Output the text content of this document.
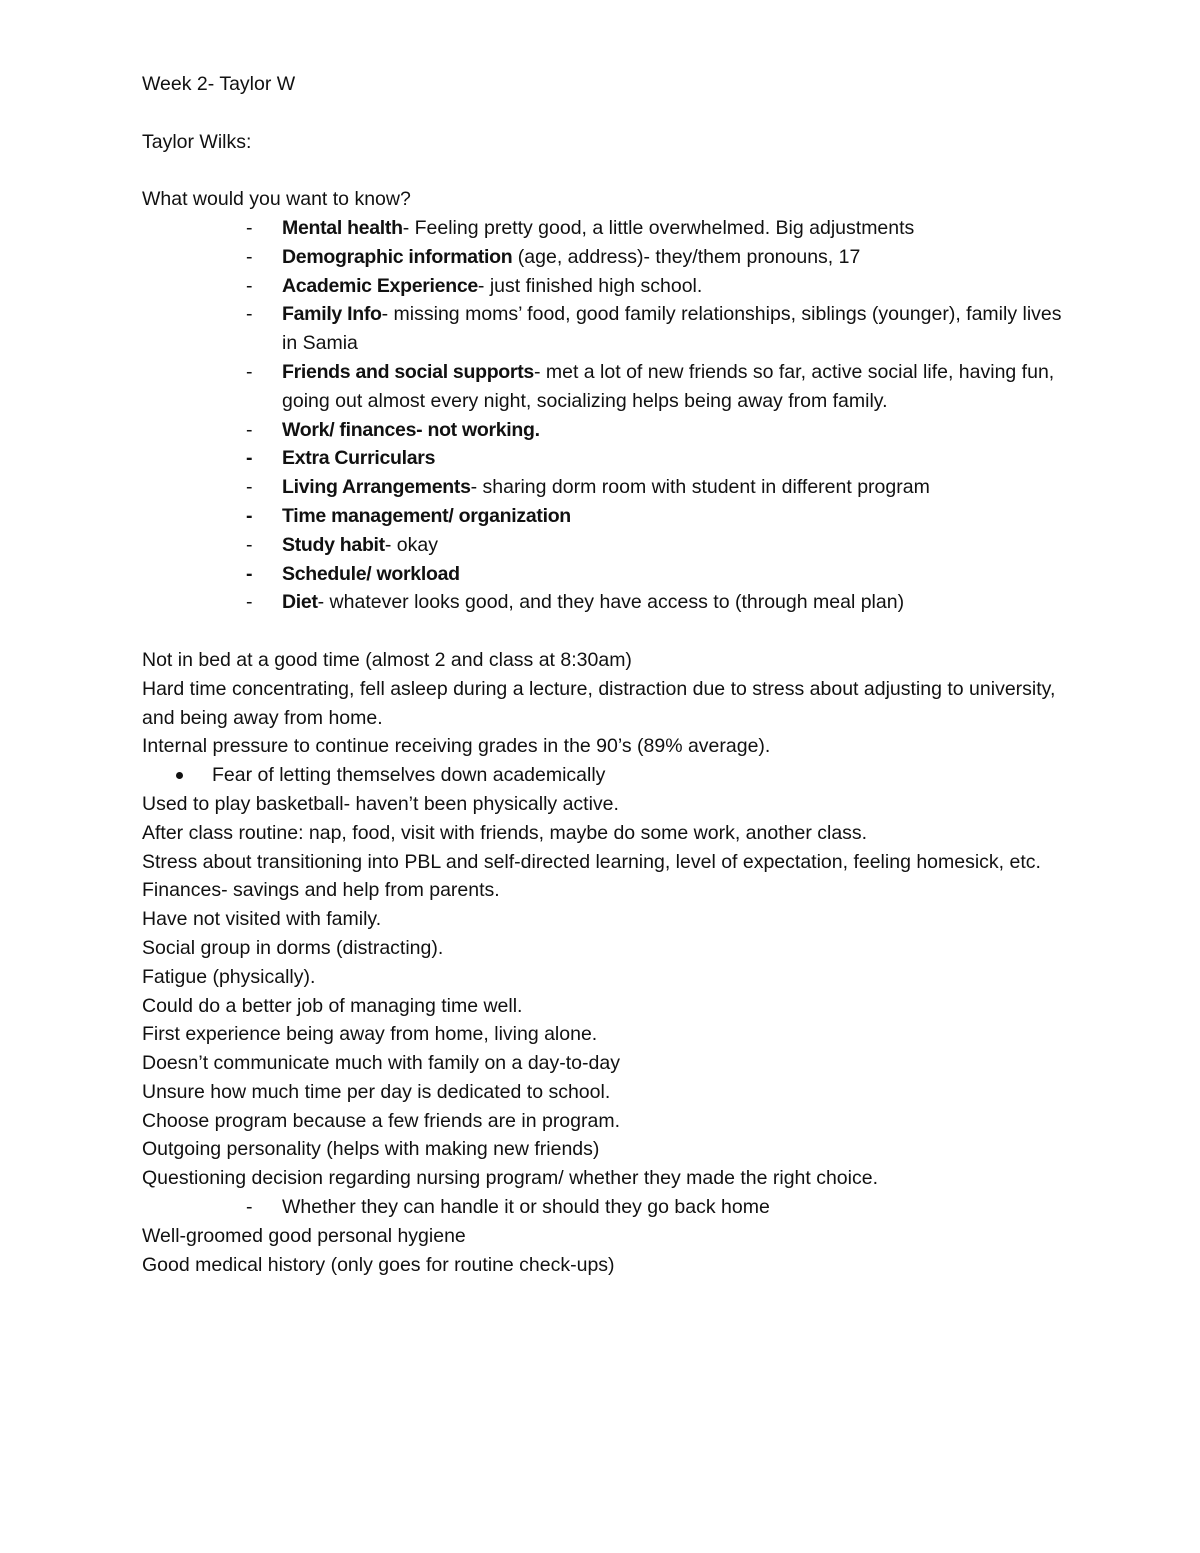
Week 2- Taylor W

Taylor Wilks:

What would you want to know?

-	Mental health- Feeling pretty good, a little overwhelmed. Big adjustments
-	Demographic information (age, address)- they/them pronouns, 17
-	Academic Experience- just finished high school.
-	Family Info- missing moms’ food, good family relationships, siblings (younger), family lives in Samia
-	Friends and social supports- met a lot of new friends so far, active social life, having fun, going out almost every night, socializing helps being away from family.
-	Work/ finances- not working.
-	Extra Curriculars
-	Living Arrangements- sharing dorm room with student in different program
-	Time management/ organization
-	Study habit- okay
-	Schedule/ workload
-	Diet- whatever looks good, and they have access to (through meal plan)

Not in bed at a good time (almost 2 and class at 8:30am)

Hard time concentrating, fell asleep during a lecture, distraction due to stress about adjusting to university, and being away from home.

Internal pressure to continue receiving grades in the 90’s (89% average).

Fear of letting themselves down academically

Used to play basketball- haven’t been physically active.

After class routine: nap, food, visit with friends, maybe do some work, another class.

Stress about transitioning into PBL and self-directed learning, level of expectation, feeling homesick, etc.

Finances- savings and help from parents.

Have not visited with family.

Social group in dorms (distracting).

Fatigue (physically).

Could do a better job of managing time well.

First experience being away from home, living alone.

Doesn’t communicate much with family on a day-to-day

Unsure how much time per day is dedicated to school.

Choose program because a few friends are in program.

Outgoing personality (helps with making new friends)

Questioning decision regarding nursing program/ whether they made the right choice.

- Whether they can handle it or should they go back home

Well-groomed good personal hygiene

Good medical history (only goes for routine check-ups)
